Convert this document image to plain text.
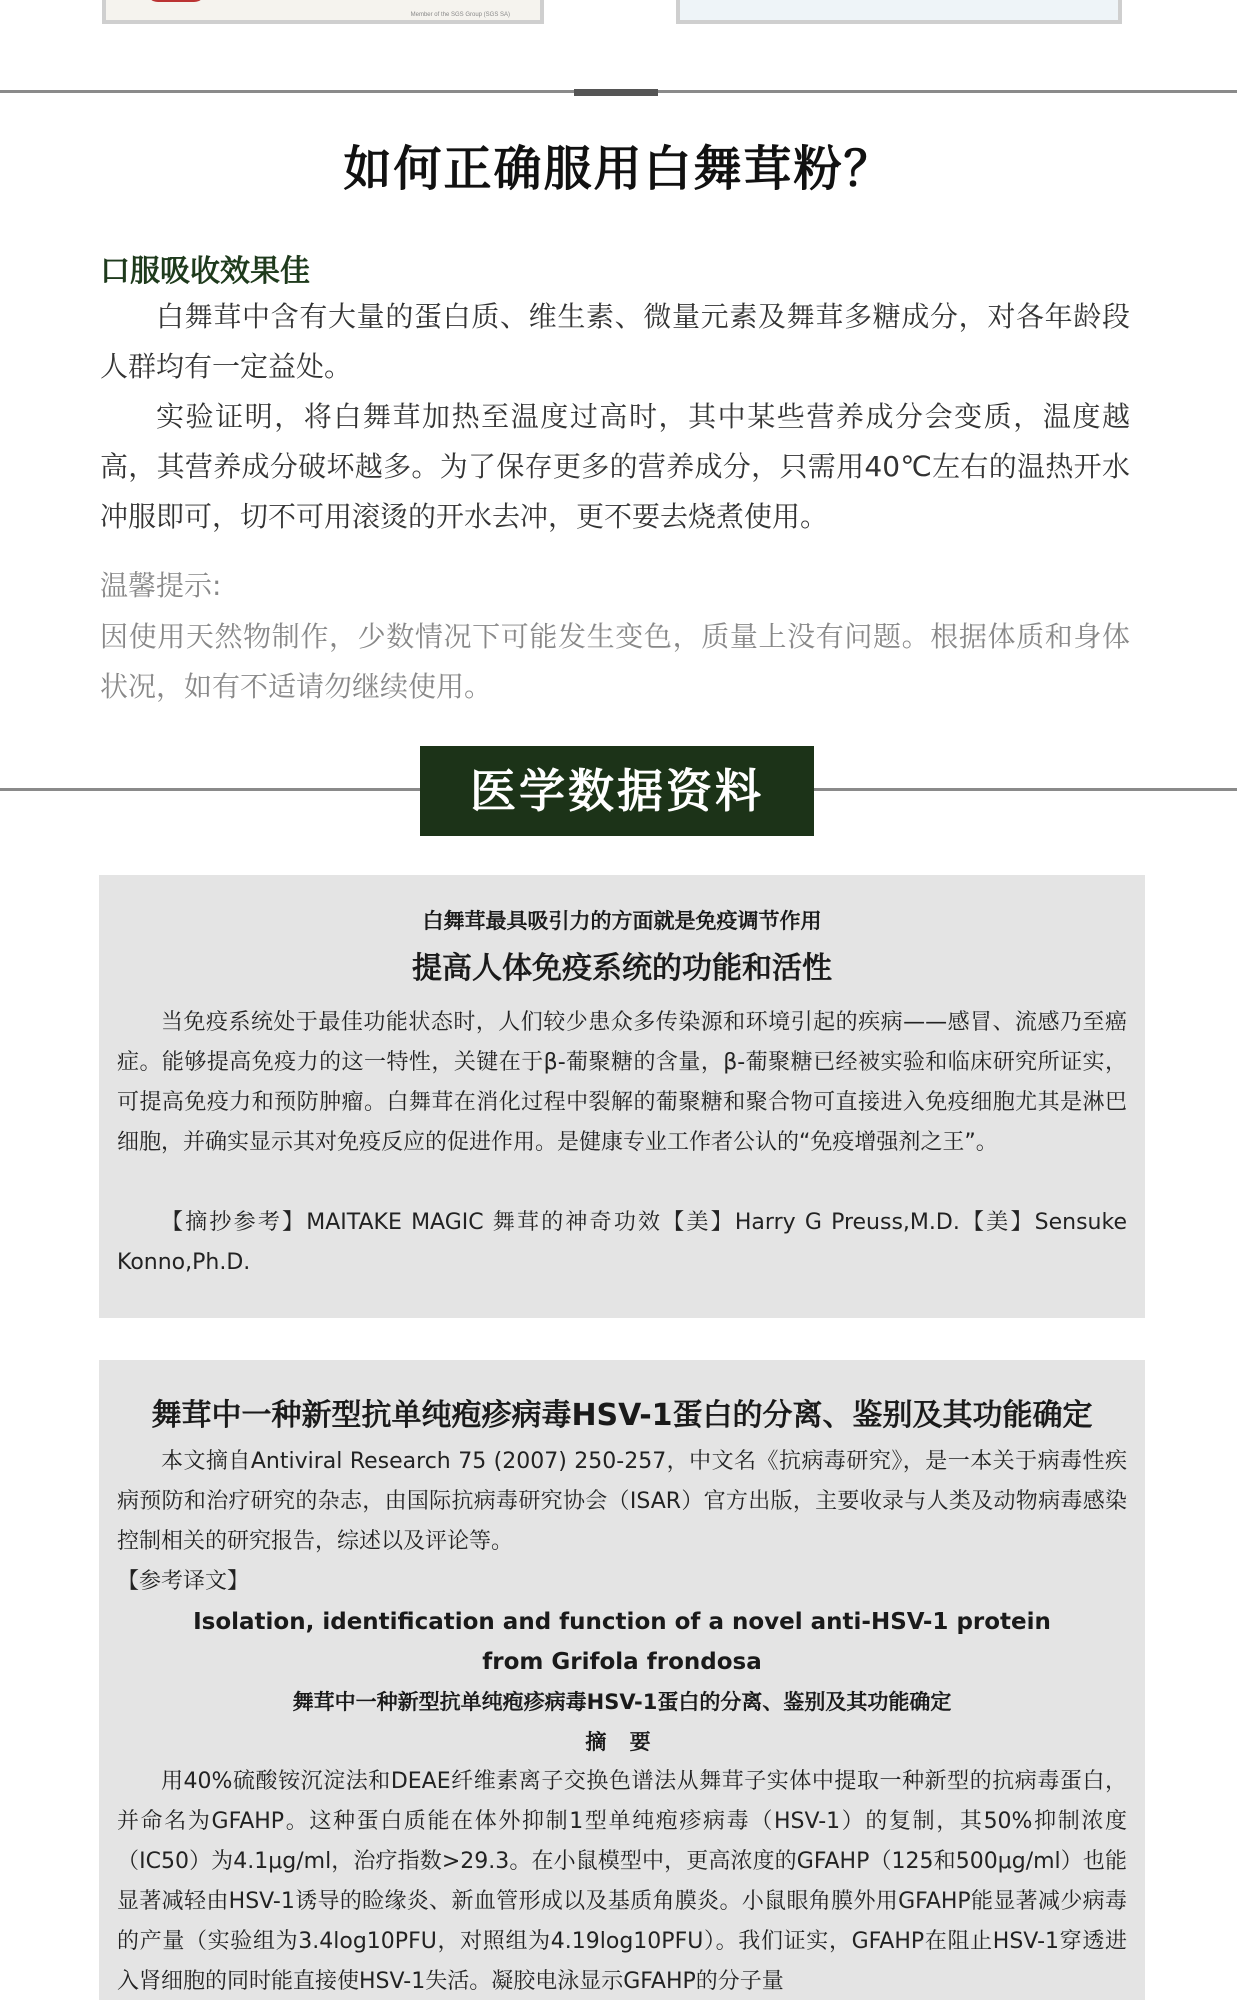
Member of the SGS Group (SGS SA)
如何正确服用白舞茸粉？
口服吸收效果佳
白舞茸中含有大量的蛋白质、维生素、微量元素及舞茸多糖成分，对各年龄段人群均有一定益处。
实验证明，将白舞茸加热至温度过高时，其中某些营养成分会变质，温度越高，其营养成分破坏越多。为了保存更多的营养成分，只需用40℃左右的温热开水冲服即可，切不可用滚烫的开水去冲，更不要去烧煮使用。
温馨提示:
因使用天然物制作，少数情况下可能发生变色，质量上没有问题。根据体质和身体状况，如有不适请勿继续使用。
医学数据资料
白舞茸最具吸引力的方面就是免疫调节作用
提高人体免疫系统的功能和活性
当免疫系统处于最佳功能状态时，人们较少患众多传染源和环境引起的疾病——感冒、流感乃至癌症。能够提高免疫力的这一特性，关键在于β-葡聚糖的含量，β-葡聚糖已经被实验和临床研究所证实，可提高免疫力和预防肿瘤。白舞茸在消化过程中裂解的葡聚糖和聚合物可直接进入免疫细胞尤其是淋巴细胞，并确实显示其对免疫反应的促进作用。是健康专业工作者公认的“免疫增强剂之王”。
【摘抄参考】MAITAKE MAGIC 舞茸的神奇功效【美】Harry G Preuss,M.D.【美】Sensuke Konno,Ph.D.
舞茸中一种新型抗单纯疱疹病毒HSV-1蛋白的分离、鉴别及其功能确定
本文摘自Antiviral Research 75 (2007) 250-257，中文名《抗病毒研究》，是一本关于病毒性疾病预防和治疗研究的杂志，由国际抗病毒研究协会（ISAR）官方出版，主要收录与人类及动物病毒感染控制相关的研究报告，综述以及评论等。
【参考译文】
Isolation, identification and function of a novel anti-HSV-1 protein
from Grifola frondosa
舞茸中一种新型抗单纯疱疹病毒HSV-1蛋白的分离、鉴别及其功能确定
摘 要
用40%硫酸铵沉淀法和DEAE纤维素离子交换色谱法从舞茸子实体中提取一种新型的抗病毒蛋白，并命名为GFAHP。这种蛋白质能在体外抑制1型单纯疱疹病毒（HSV-1）的复制，其50%抑制浓度（IC50）为4.1μg/ml，治疗指数>29.3。在小鼠模型中，更高浓度的GFAHP（125和500μg/ml）也能显著减轻由HSV-1诱导的睑缘炎、新血管形成以及基质角膜炎。小鼠眼角膜外用GFAHP能显著减少病毒的产量（实验组为3.4log10PFU，对照组为4.19log10PFU）。我们证实，GFAHP在阻止HSV-1穿透进入肾细胞的同时能直接使HSV-1失活。凝胶电泳显示GFAHP的分子量
